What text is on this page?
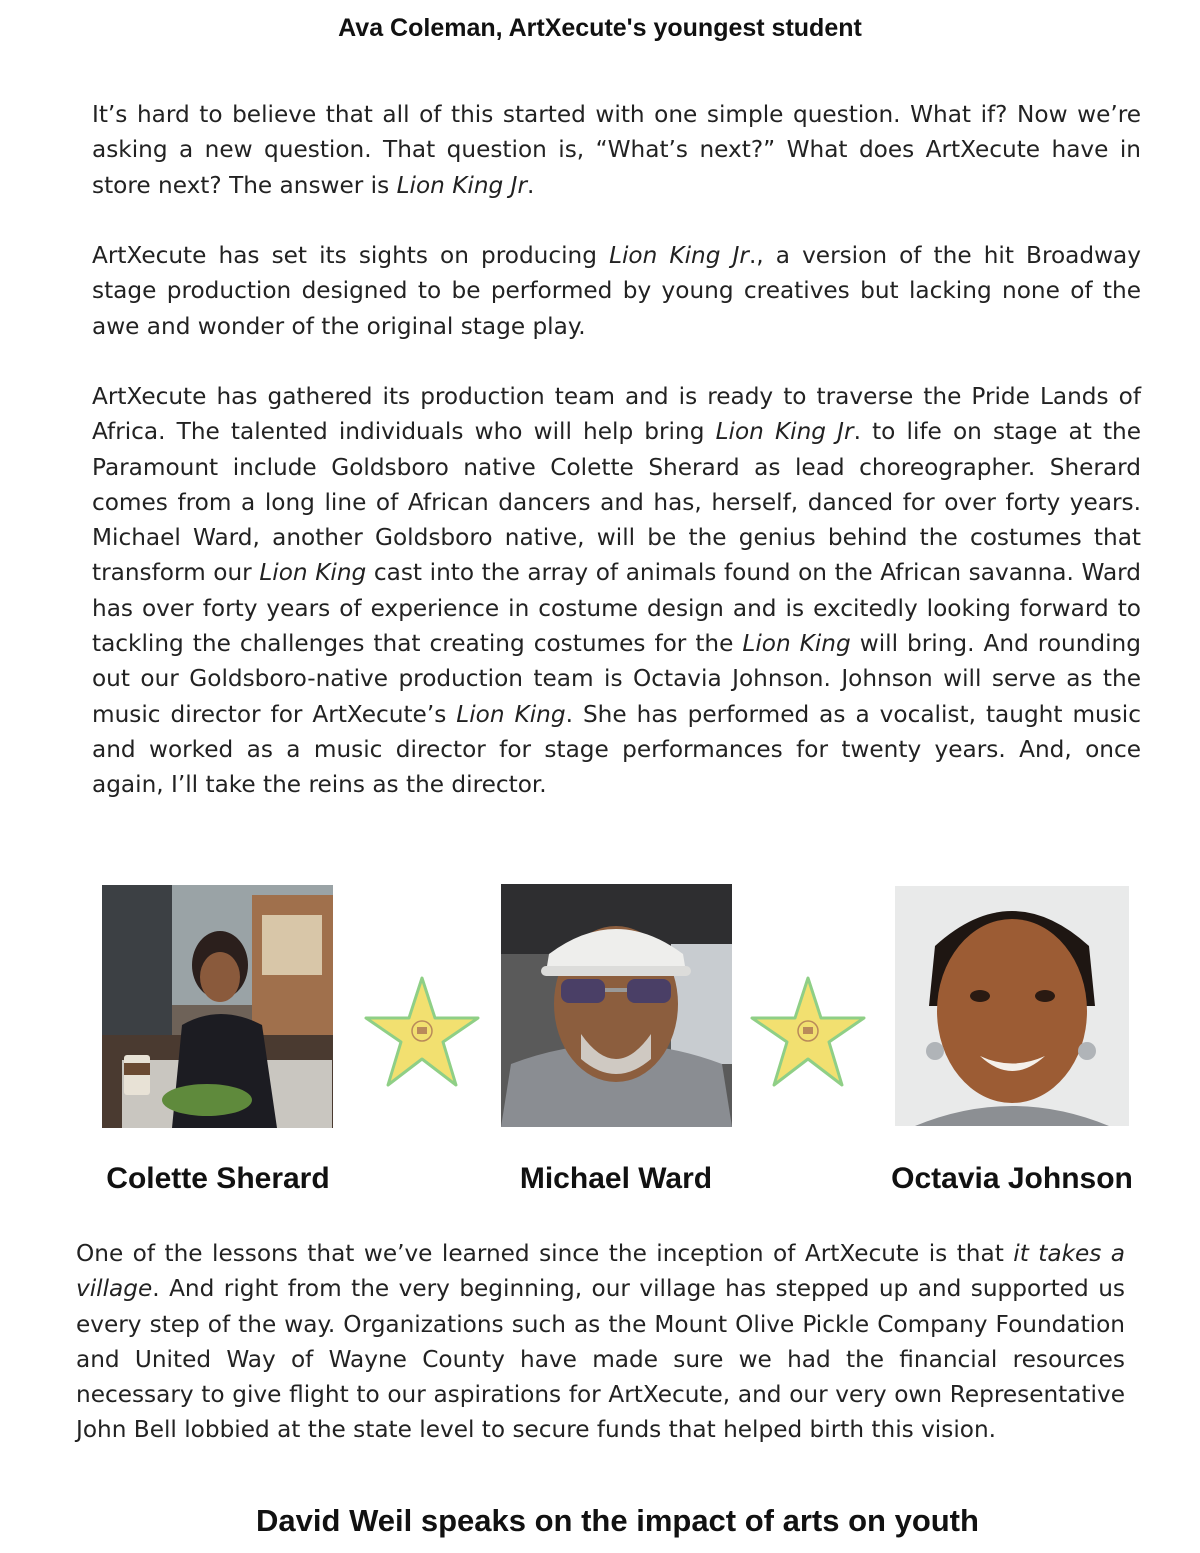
Ava Coleman, ArtXecute's youngest student

It’s hard to believe that all of this started with one simple question. What if? Now we’re asking a new question. That question is, “What’s next?” What does ArtXecute have in store next? The answer is Lion King Jr.

ArtXecute has set its sights on producing Lion King Jr., a version of the hit Broadway stage production designed to be performed by young creatives but lacking none of the awe and wonder of the original stage play.

ArtXecute has gathered its production team and is ready to traverse the Pride Lands of Africa. The talented individuals who will help bring Lion King Jr. to life on stage at the Paramount include Goldsboro native Colette Sherard as lead choreographer. Sherard comes from a long line of African dancers and has, herself, danced for over forty years. Michael Ward, another Goldsboro native, will be the genius behind the costumes that transform our Lion King cast into the array of animals found on the African savanna. Ward has over forty years of experience in costume design and is excitedly looking forward to tackling the challenges that creating costumes for the Lion King will bring. And rounding out our Goldsboro-native production team is Octavia Johnson. Johnson will serve as the music director for ArtXecute’s Lion King. She has performed as a vocalist, taught music and worked as a music director for stage performances for twenty years. And, once again, I’ll take the reins as the director.

Colette Sherard	Michael Ward	Octavia Johnson

One of the lessons that we’ve learned since the inception of ArtXecute is that it takes a village. And right from the very beginning, our village has stepped up and supported us every step of the way. Organizations such as the Mount Olive Pickle Company Foundation and United Way of Wayne County have made sure we had the financial resources necessary to give flight to our aspirations for ArtXecute, and our very own Representative John Bell lobbied at the state level to secure funds that helped birth this vision.

David Weil speaks on the impact of arts on youth
